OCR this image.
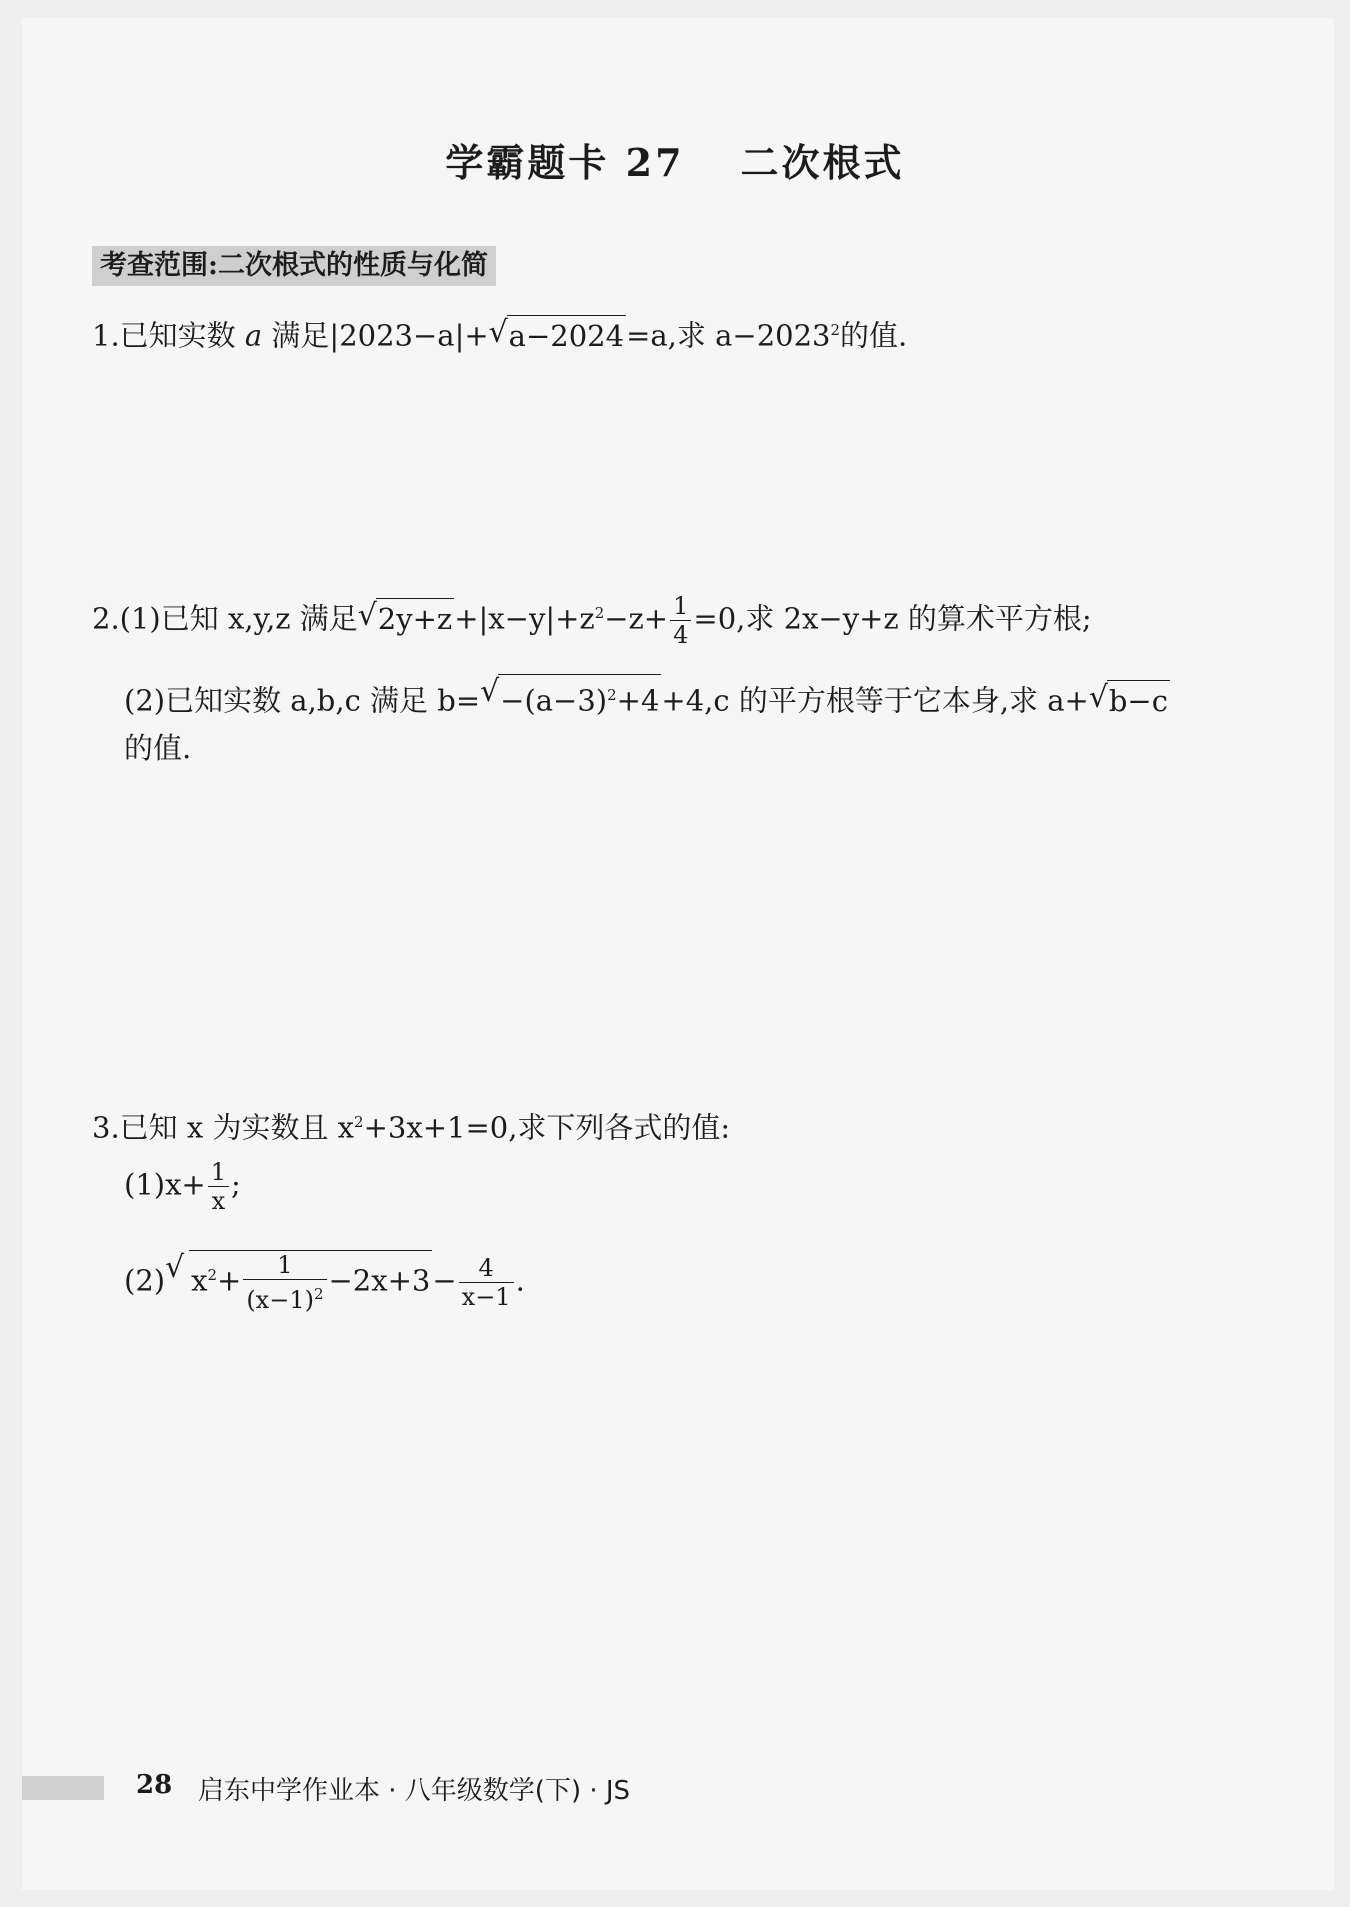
学霸题卡 27 二次根式
考查范围:二次根式的性质与化简
1.已知实数 a 满足|2023−a|+√ a−2024=a,求 $a-2023^2$的值.
2.(1)已知 x,y,z 满足√ $2y+z+|x-y|+z^2-z+ \frac{1}{4} =0$,求 2x−y+z 的算术平方根;
(2)已知实数 a,b,c 满足 $b=√ -(a-3)^2+4+4,c$ 的平方根等于它本身,求 a+√ b−c
的值.
3.已知 x 为实数且 $x^2+3x+1=0$,求下列各式的值:
$(1)x+ \frac{1}{x}$ ;
(2)√ $x^2+ \frac{1}{(x-1)^2} -2x+3- \frac{4}{x-1}$ .
28 启东中学作业本 · 八年级数学(下) · JS
